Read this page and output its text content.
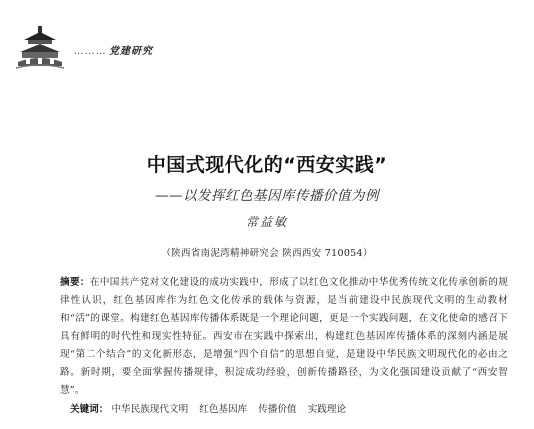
……… 党建研究
中国式现代化的“西安实践”
——以发挥红色基因库传播价值为例
常益敏
（陕西省南泥湾精神研究会 陕西西安 710054）
摘要：在中国共产党对文化建设的成功实践中，形成了以红色文化推动中华优秀传统文化传承创新的规律性认识，红色基因库作为红色文化传承的载体与资源，是当前建设中民族现代文明的生动教材和“活”的课堂。构建红色基因库传播体系既是一个理论问题，更是一个实践问题，在文化使命的感召下具有鲜明的时代性和现实性特征。西安市在实践中探索出，构建红色基因库传播体系的深刻内涵是展现“第二个结合”的文化新形态，是增强“四个自信”的思想自觉，是建设中华民族文明现代化的必由之路。新时期，要全面掌握传播规律，积淀成功经验，创新传播路径，为文化强国建设贡献了“西安智慧”。
关键词： 中华民族现代文明 红色基因库 传播价值 实践理论
